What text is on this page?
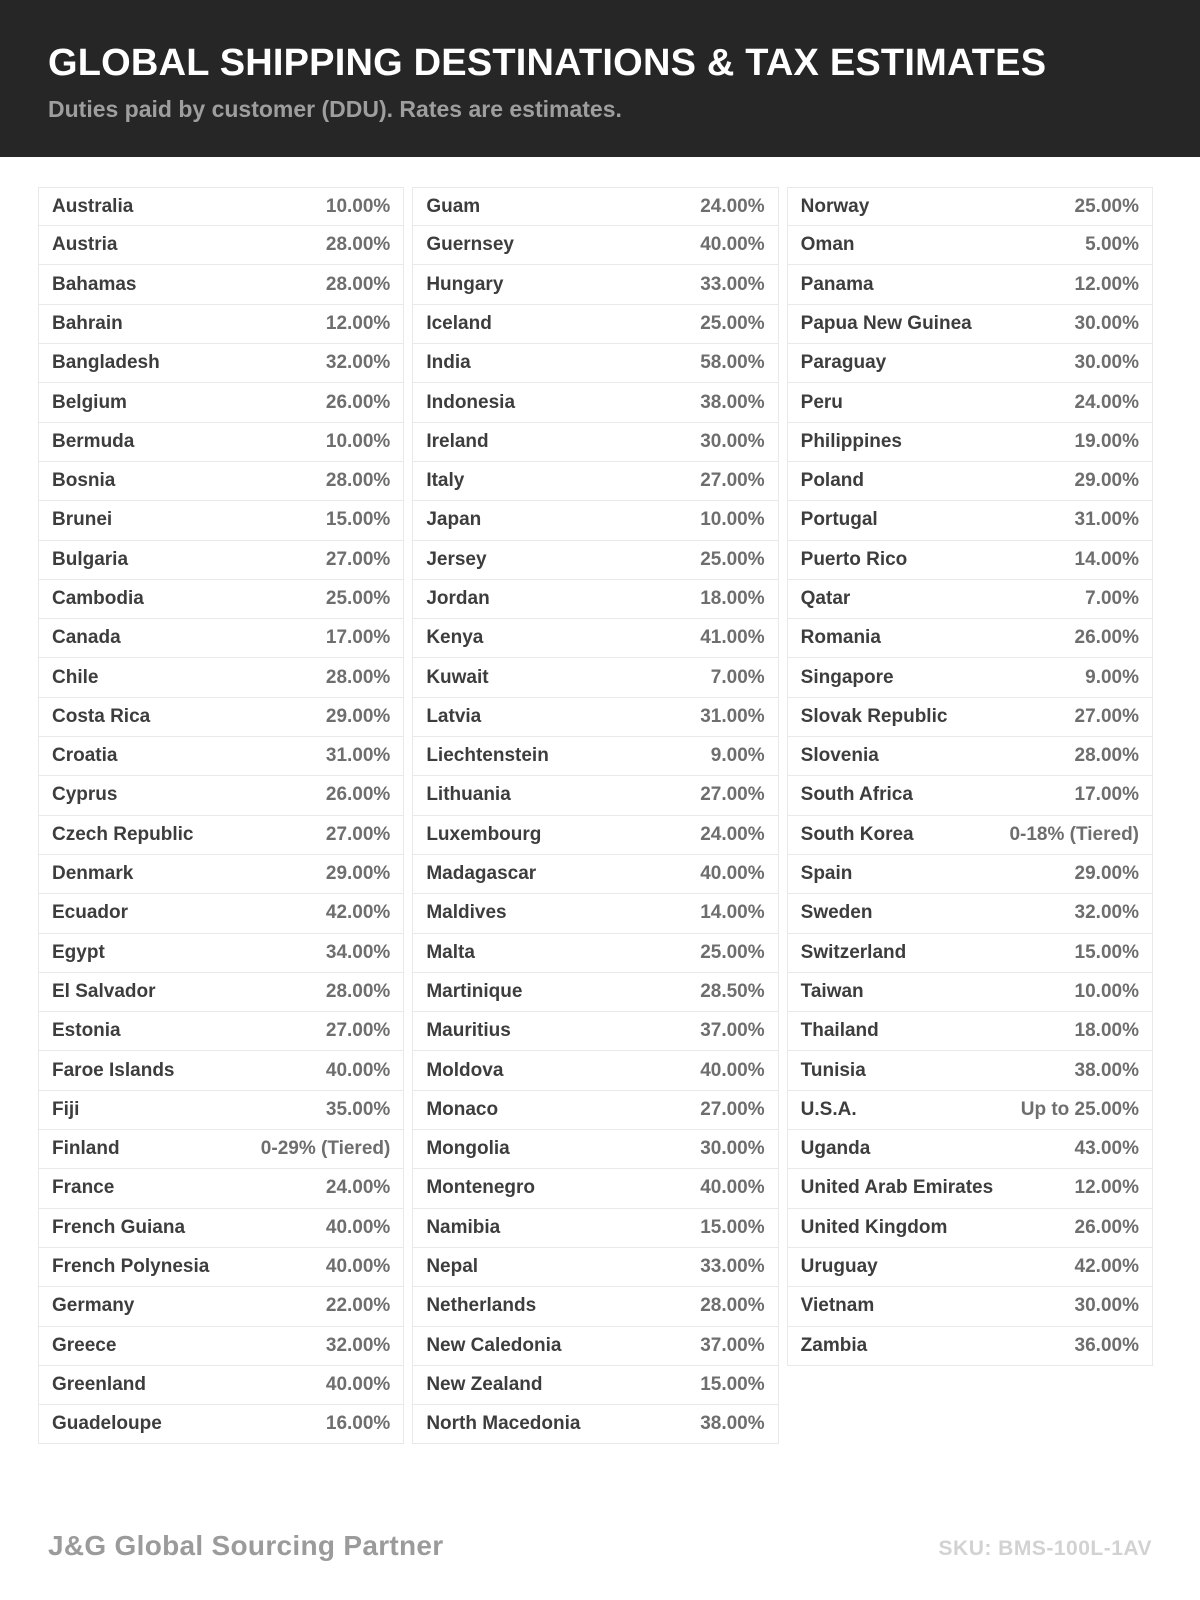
GLOBAL SHIPPING DESTINATIONS & TAX ESTIMATES
Duties paid by customer (DDU). Rates are estimates.
Australia	10.00%
Austria	28.00%
Bahamas	28.00%
Bahrain	12.00%
Bangladesh	32.00%
Belgium	26.00%
Bermuda	10.00%
Bosnia	28.00%
Brunei	15.00%
Bulgaria	27.00%
Cambodia	25.00%
Canada	17.00%
Chile	28.00%
Costa Rica	29.00%
Croatia	31.00%
Cyprus	26.00%
Czech Republic	27.00%
Denmark	29.00%
Ecuador	42.00%
Egypt	34.00%
El Salvador	28.00%
Estonia	27.00%
Faroe Islands	40.00%
Fiji	35.00%
Finland	0-29% (Tiered)
France	24.00%
French Guiana	40.00%
French Polynesia	40.00%
Germany	22.00%
Greece	32.00%
Greenland	40.00%
Guadeloupe	16.00%
Guam	24.00%
Guernsey	40.00%
Hungary	33.00%
Iceland	25.00%
India	58.00%
Indonesia	38.00%
Ireland	30.00%
Italy	27.00%
Japan	10.00%
Jersey	25.00%
Jordan	18.00%
Kenya	41.00%
Kuwait	7.00%
Latvia	31.00%
Liechtenstein	9.00%
Lithuania	27.00%
Luxembourg	24.00%
Madagascar	40.00%
Maldives	14.00%
Malta	25.00%
Martinique	28.50%
Mauritius	37.00%
Moldova	40.00%
Monaco	27.00%
Mongolia	30.00%
Montenegro	40.00%
Namibia	15.00%
Nepal	33.00%
Netherlands	28.00%
New Caledonia	37.00%
New Zealand	15.00%
North Macedonia	38.00%
Norway	25.00%
Oman	5.00%
Panama	12.00%
Papua New Guinea	30.00%
Paraguay	30.00%
Peru	24.00%
Philippines	19.00%
Poland	29.00%
Portugal	31.00%
Puerto Rico	14.00%
Qatar	7.00%
Romania	26.00%
Singapore	9.00%
Slovak Republic	27.00%
Slovenia	28.00%
South Africa	17.00%
South Korea	0-18% (Tiered)
Spain	29.00%
Sweden	32.00%
Switzerland	15.00%
Taiwan	10.00%
Thailand	18.00%
Tunisia	38.00%
U.S.A.	Up to 25.00%
Uganda	43.00%
United Arab Emirates	12.00%
United Kingdom	26.00%
Uruguay	42.00%
Vietnam	30.00%
Zambia	36.00%
J&G Global Sourcing Partner	SKU: BMS-100L-1AV
